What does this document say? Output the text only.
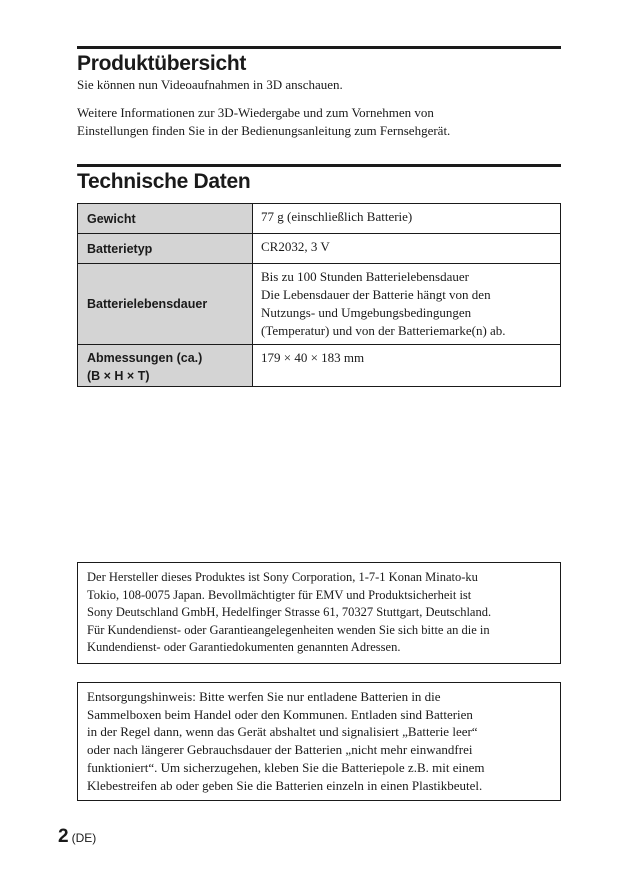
Produktübersicht

Sie können nun Videoaufnahmen in 3D anschauen.

Weitere Informationen zur 3D-Wiedergabe und zum Vornehmen von
Einstellungen finden Sie in der Bedienungsanleitung zum Fernsehgerät.

Technische Daten
Gewicht	77 g (einschließlich Batterie)
Batterietyp	CR2032, 3 V
Batterielebensdauer	Bis zu 100 Stunden Batterielebensdauer
Die Lebensdauer der Batterie hängt von den
Nutzungs- und Umgebungsbedingungen
(Temperatur) und von der Batteriemarke(n) ab.
Abmessungen (ca.)
(B × H × T)	179 × 40 × 183 mm

Der Hersteller dieses Produktes ist Sony Corporation, 1-7-1 Konan Minato-ku
Tokio, 108-0075 Japan. Bevollmächtigter für EMV und Produktsicherheit ist
Sony Deutschland GmbH, Hedelfinger Strasse 61, 70327 Stuttgart, Deutschland.
Für Kundendienst- oder Garantieangelegenheiten wenden Sie sich bitte an die in
Kundendienst- oder Garantiedokumenten genannten Adressen.

Entsorgungshinweis: Bitte werfen Sie nur entladene Batterien in die
Sammelboxen beim Handel oder den Kommunen. Entladen sind Batterien
in der Regel dann, wenn das Gerät abshaltet und signalisiert „Batterie leer“
oder nach längerer Gebrauchsdauer der Batterien „nicht mehr einwandfrei
funktioniert“. Um sicherzugehen, kleben Sie die Batteriepole z.B. mit einem
Klebestreifen ab oder geben Sie die Batterien einzeln in einen Plastikbeutel.

2 (DE)
